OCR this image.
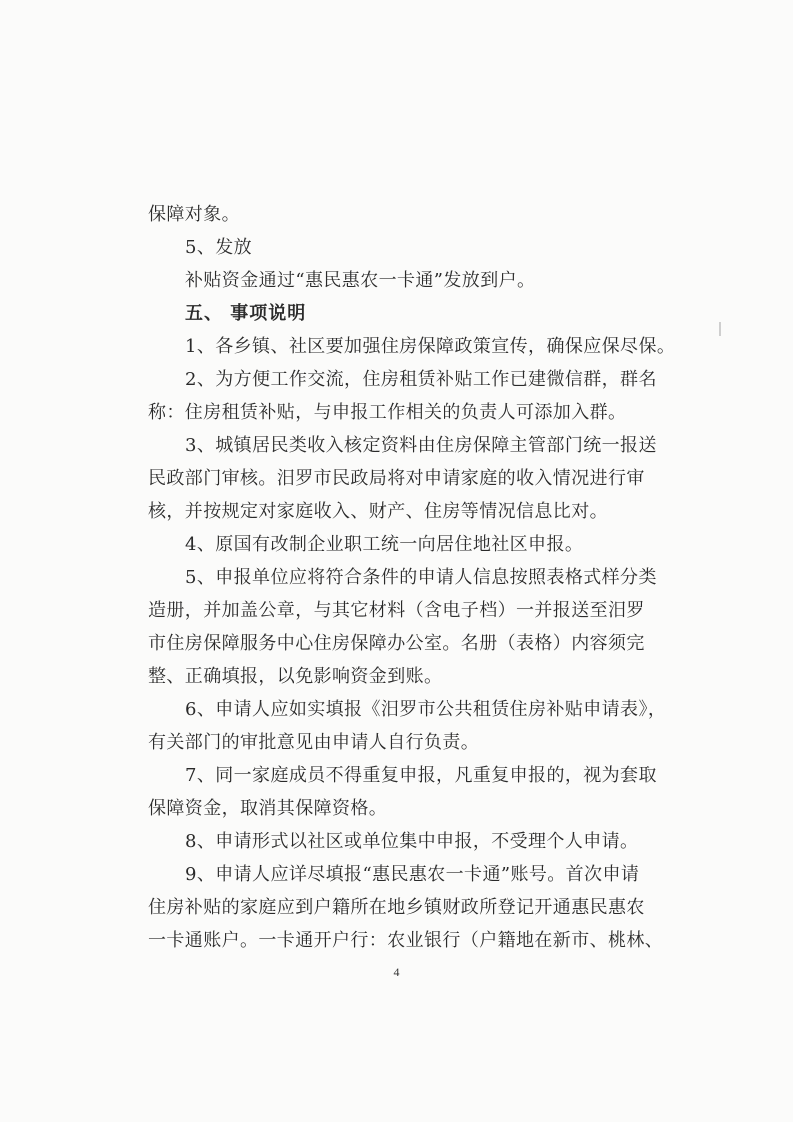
保障对象。
5、发放
补贴资金通过“惠民惠农一卡通”发放到户。
五、 事项说明
1、各乡镇、社区要加强住房保障政策宣传，确保应保尽保。
2、为方便工作交流，住房租赁补贴工作已建微信群，群名
称：住房租赁补贴，与申报工作相关的负责人可添加入群。
3、城镇居民类收入核定资料由住房保障主管部门统一报送
民政部门审核。汨罗市民政局将对申请家庭的收入情况进行审
核，并按规定对家庭收入、财产、住房等情况信息比对。
4、原国有改制企业职工统一向居住地社区申报。
5、申报单位应将符合条件的申请人信息按照表格式样分类
造册，并加盖公章，与其它材料（含电子档）一并报送至汨罗
市住房保障服务中心住房保障办公室。名册（表格）内容须完
整、正确填报，以免影响资金到账。
6、申请人应如实填报《汨罗市公共租赁住房补贴申请表》，
有关部门的审批意见由申请人自行负责。
7、同一家庭成员不得重复申报，凡重复申报的，视为套取
保障资金，取消其保障资格。
8、申请形式以社区或单位集中申报，不受理个人申请。
9、申请人应详尽填报“惠民惠农一卡通”账号。首次申请
住房补贴的家庭应到户籍所在地乡镇财政所登记开通惠民惠农
一卡通账户。一卡通开户行：农业银行（户籍地在新市、桃林、
4
